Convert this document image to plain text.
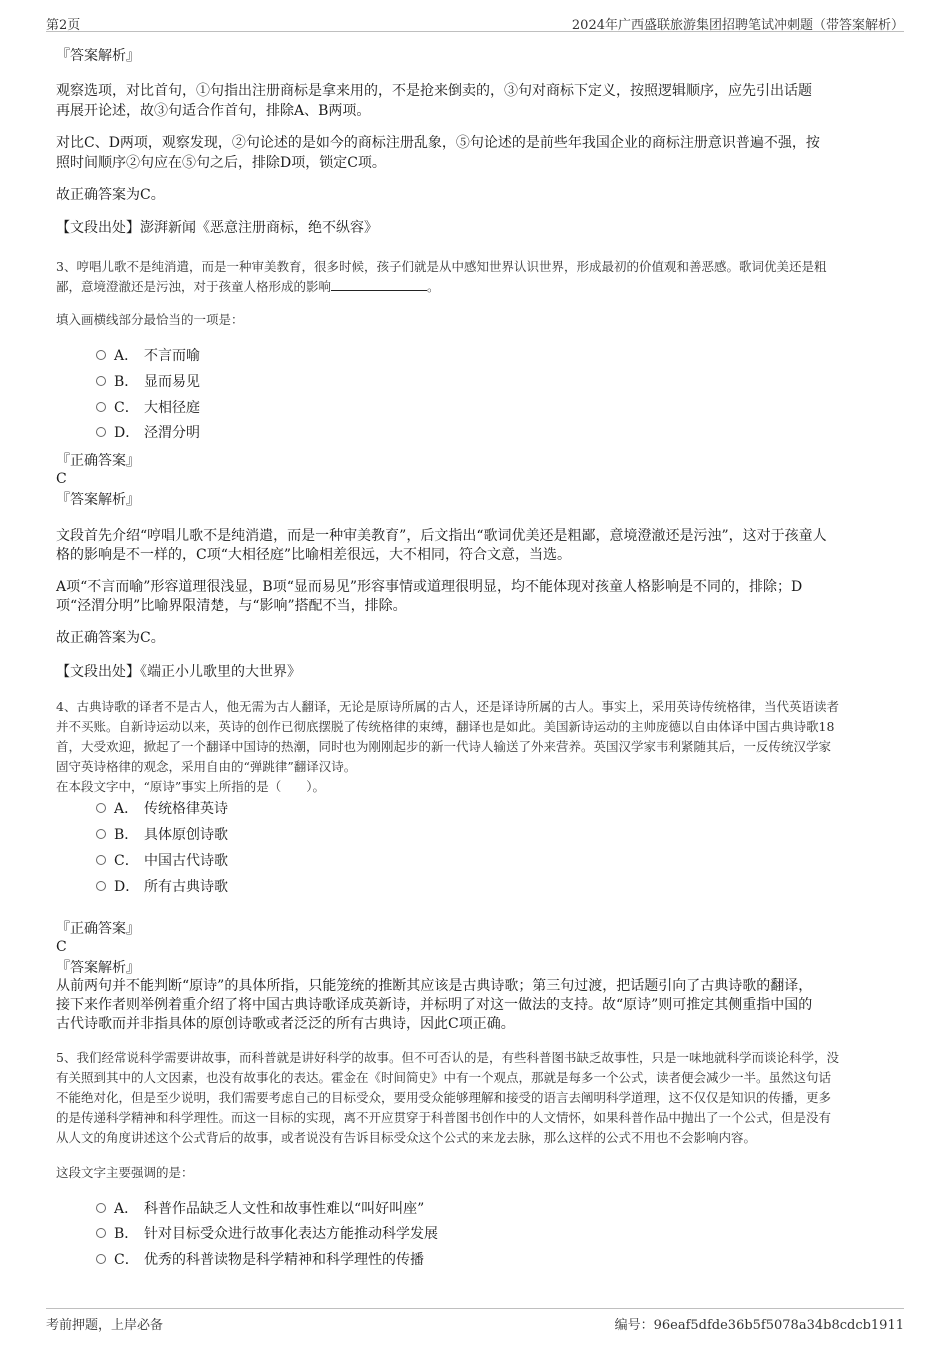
第2页	2024年广西盛联旅游集团招聘笔试冲刺题（带答案解析）
『答案解析』
观察选项，对比首句，①句指出注册商标是拿来用的，不是抢来倒卖的，③句对商标下定义，按照逻辑顺序，应先引出话题
再展开论述，故③句适合作首句，排除A、B两项。
对比C、D两项，观察发现，②句论述的是如今的商标注册乱象，⑤句论述的是前些年我国企业的商标注册意识普遍不强，按
照时间顺序②句应在⑤句之后，排除D项，锁定C项。
故正确答案为C。
【文段出处】澎湃新闻《恶意注册商标，绝不纵容》
3、哼唱儿歌不是纯消遣，而是一种审美教育，很多时候，孩子们就是从中感知世界认识世界，形成最初的价值观和善恶感。歌词优美还是粗
鄙，意境澄澈还是污浊，对于孩童人格形成的影响	。
填入画横线部分最恰当的一项是：
A． 不言而喻
B． 显而易见
C． 大相径庭
D． 泾渭分明
『正确答案』
C
『答案解析』
文段首先介绍“哼唱儿歌不是纯消遣，而是一种审美教育”，后文指出“歌词优美还是粗鄙，意境澄澈还是污浊”，这对于孩童人
格的影响是不一样的，C项“大相径庭”比喻相差很远，大不相同，符合文意，当选。
A项“不言而喻”形容道理很浅显，B项“显而易见”形容事情或道理很明显，均不能体现对孩童人格影响是不同的，排除；D
项“泾渭分明”比喻界限清楚，与“影响”搭配不当，排除。
故正确答案为C。
【文段出处】《端正小儿歌里的大世界》
4、古典诗歌的译者不是古人，他无需为古人翻译，无论是原诗所属的古人，还是译诗所属的古人。事实上，采用英诗传统格律，当代英语读者
并不买账。自新诗运动以来，英诗的创作已彻底摆脱了传统格律的束缚，翻译也是如此。美国新诗运动的主帅庞德以自由体译中国古典诗歌18
首，大受欢迎，掀起了一个翻译中国诗的热潮，同时也为刚刚起步的新一代诗人输送了外来营养。英国汉学家韦利紧随其后，一反传统汉学家
固守英诗格律的观念，采用自由的“弹跳律”翻译汉诗。
在本段文字中，“原诗”事实上所指的是（　　）。
A． 传统格律英诗
B． 具体原创诗歌
C． 中国古代诗歌
D． 所有古典诗歌
『正确答案』
C
『答案解析』
从前两句并不能判断“原诗”的具体所指，只能笼统的推断其应该是古典诗歌；第三句过渡，把话题引向了古典诗歌的翻译，
接下来作者则举例着重介绍了将中国古典诗歌译成英新诗，并标明了对这一做法的支持。故“原诗”则可推定其侧重指中国的
古代诗歌而并非指具体的原创诗歌或者泛泛的所有古典诗，因此C项正确。
5、我们经常说科学需要讲故事，而科普就是讲好科学的故事。但不可否认的是，有些科普图书缺乏故事性，只是一味地就科学而谈论科学，没
有关照到其中的人文因素，也没有故事化的表达。霍金在《时间简史》中有一个观点，那就是每多一个公式，读者便会减少一半。虽然这句话
不能绝对化，但是至少说明，我们需要考虑自己的目标受众，要用受众能够理解和接受的语言去阐明科学道理，这不仅仅是知识的传播，更多
的是传递科学精神和科学理性。而这一目标的实现，离不开应贯穿于科普图书创作中的人文情怀，如果科普作品中抛出了一个公式，但是没有
从人文的角度讲述这个公式背后的故事，或者说没有告诉目标受众这个公式的来龙去脉，那么这样的公式不用也不会影响内容。
这段文字主要强调的是：
A． 科普作品缺乏人文性和故事性难以“叫好叫座”
B． 针对目标受众进行故事化表达方能推动科学发展
C． 优秀的科普读物是科学精神和科学理性的传播
考前押题，上岸必备	编号：96eaf5dfde36b5f5078a34b8cdcb1911
